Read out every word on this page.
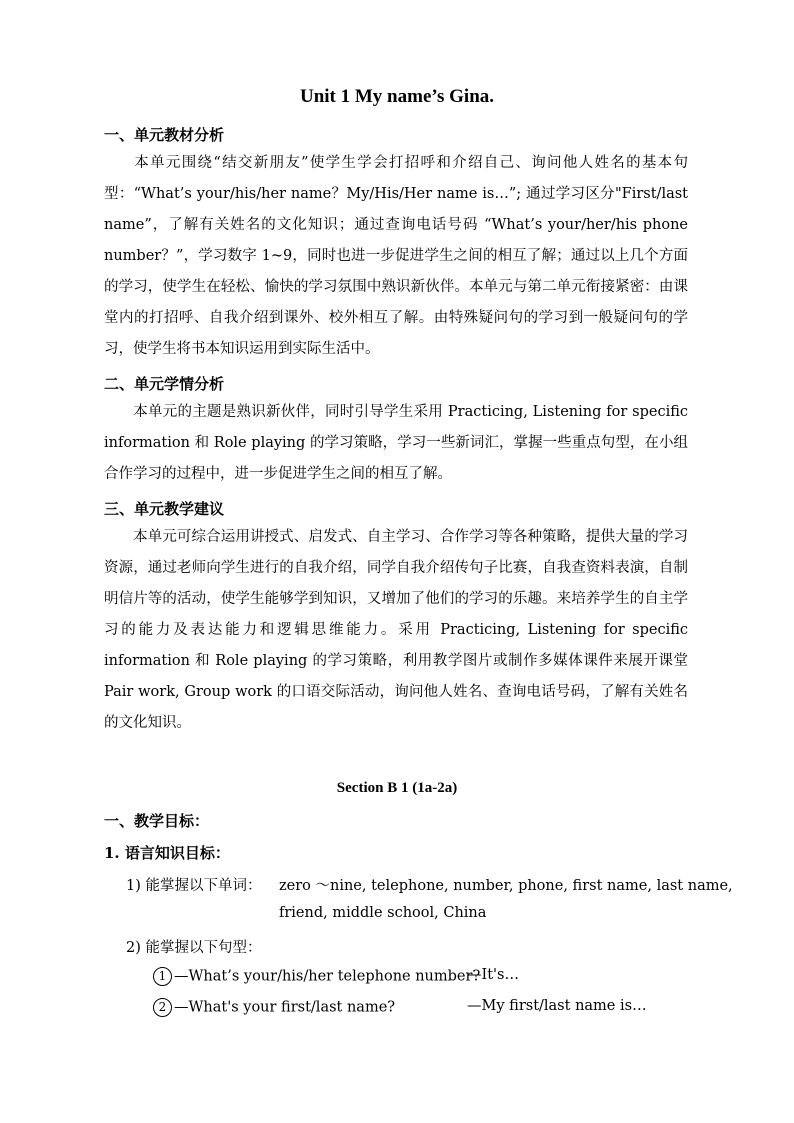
Unit 1 My name’s Gina.
一、单元教材分析
本单元围绕“结交新朋友”使学生学会打招呼和介绍自己、询问他人姓名的基本句型：“What’s your/his/her name？My/His/Her name is…”; 通过学习区分"First/last name”，了解有关姓名的文化知识；通过查询电话号码 “What’s your/her/his phone number？”，学习数字 1~9，同时也进一步促进学生之间的相互了解；通过以上几个方面的学习，使学生在轻松、愉快的学习氛围中熟识新伙伴。本单元与第二单元衔接紧密：由课堂内的打招呼、自我介绍到课外、校外相互了解。由特殊疑问句的学习到一般疑问句的学习，使学生将书本知识运用到实际生活中。
二、单元学情分析
本单元的主题是熟识新伙伴，同时引导学生采用 Practicing, Listening for specific information 和 Role playing 的学习策略，学习一些新词汇，掌握一些重点句型，在小组合作学习的过程中，进一步促进学生之间的相互了解。
三、单元教学建议
本单元可综合运用讲授式、启发式、自主学习、合作学习等各种策略，提供大量的学习资源，通过老师向学生进行的自我介绍，同学自我介绍传句子比赛，自我查资料表演，自制明信片等的活动，使学生能够学到知识，又增加了他们的学习的乐趣。来培养学生的自主学习的能力及表达能力和逻辑思维能力。采用 Practicing, Listening for specific information 和 Role playing 的学习策略，利用教学图片或制作多媒体课件来展开课堂 Pair work, Group work 的口语交际活动，询问他人姓名、查询电话号码，了解有关姓名的文化知识。
Section B 1 (1a-2a)
一、教学目标：
1. 语言知识目标：
1) 能掌握以下单词： zero ～nine, telephone, number, phone, first name, last name,
friend, middle school, China
2) 能掌握以下句型：
1 —What’s your/his/her telephone number?
—It's…
2 —What's your first/last name?	—My first/last name is…
